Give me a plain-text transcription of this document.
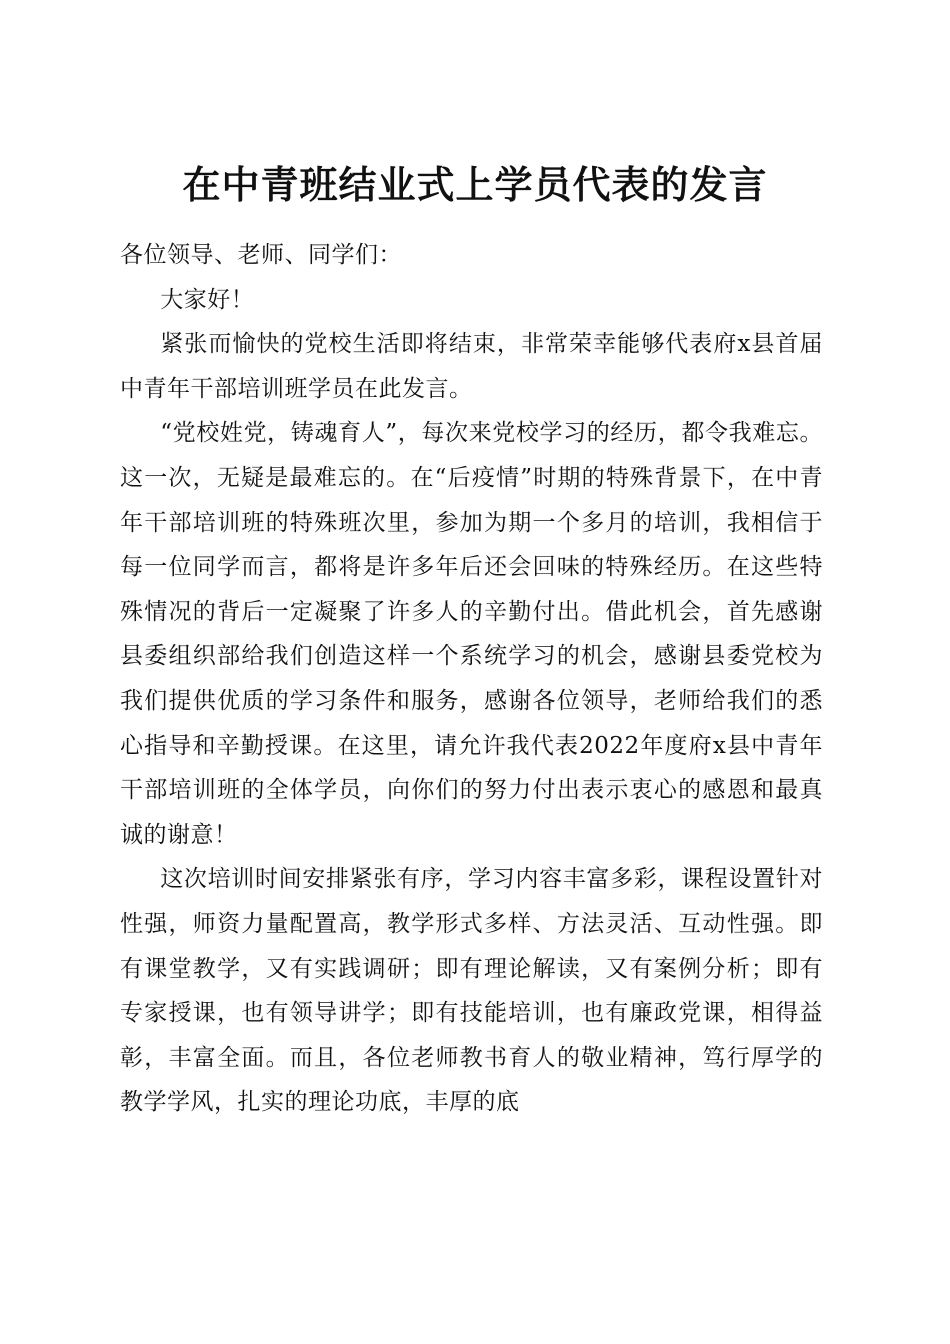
在中青班结业式上学员代表的发言

各位领导、老师、同学们：

大家好！

紧张而愉快的党校生活即将结束，非常荣幸能够代表府x县首届中青年干部培训班学员在此发言。

“党校姓党，铸魂育人”，每次来党校学习的经历，都令我难忘。这一次，无疑是最难忘的。在“后疫情”时期的特殊背景下，在中青年干部培训班的特殊班次里，参加为期一个多月的培训，我相信于每一位同学而言，都将是许多年后还会回味的特殊经历。在这些特殊情况的背后一定凝聚了许多人的辛勤付出。借此机会，首先感谢县委组织部给我们创造这样一个系统学习的机会，感谢县委党校为我们提供优质的学习条件和服务，感谢各位领导，老师给我们的悉心指导和辛勤授课。在这里，请允许我代表2022年度府x县中青年干部培训班的全体学员，向你们的努力付出表示衷心的感恩和最真诚的谢意！

这次培训时间安排紧张有序，学习内容丰富多彩，课程设置针对性强，师资力量配置高，教学形式多样、方法灵活、互动性强。即有课堂教学，又有实践调研；即有理论解读，又有案例分析；即有专家授课，也有领导讲学；即有技能培训，也有廉政党课，相得益彰，丰富全面。而且，各位老师教书育人的敬业精神，笃行厚学的教学学风，扎实的理论功底，丰厚的底
